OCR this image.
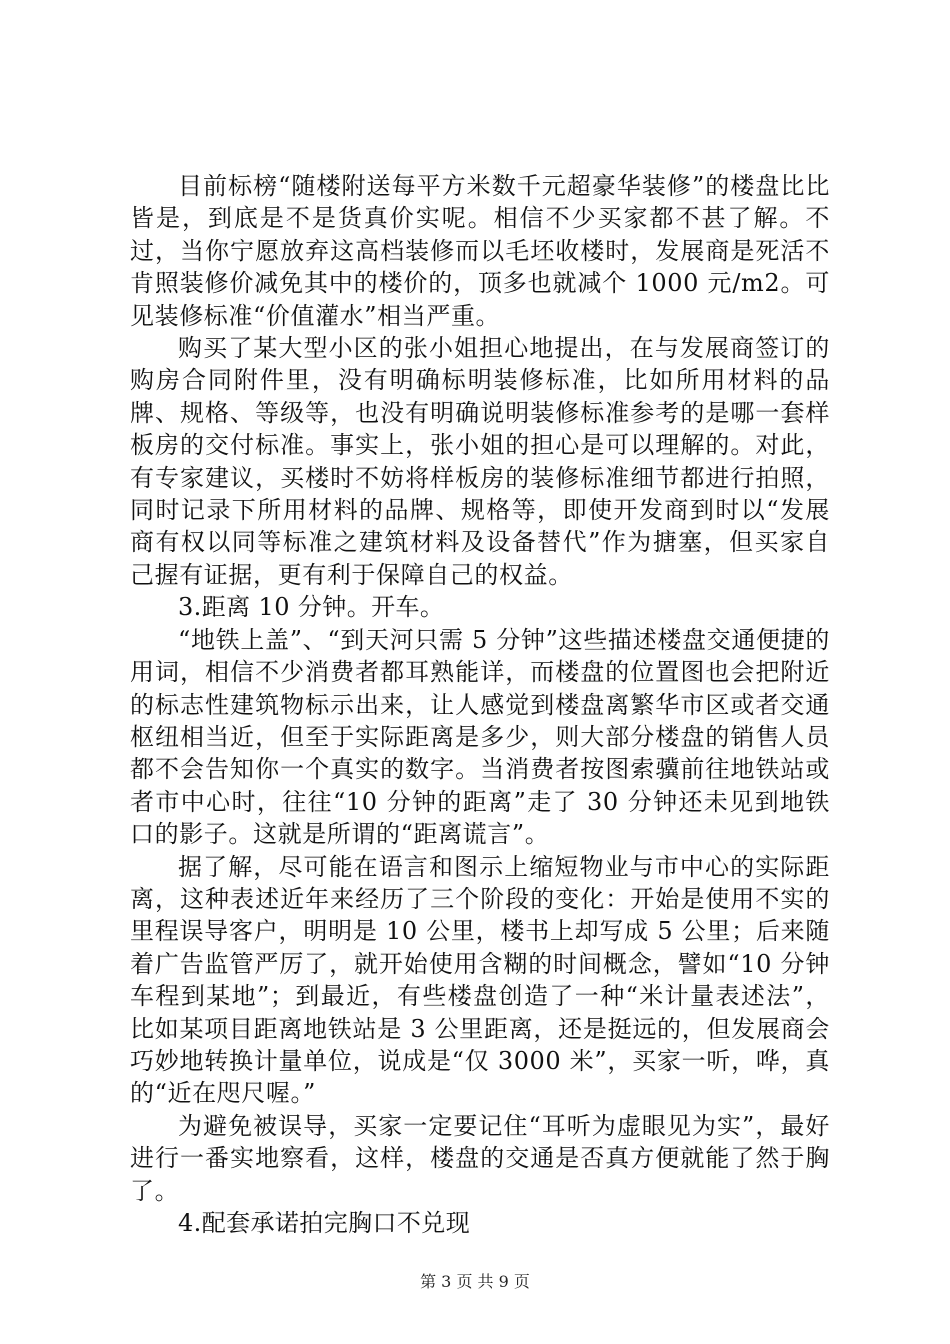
目前标榜“随楼附送每平方米数千元超豪华装修”的楼盘比比皆是，到底是不是货真价实呢。相信不少买家都不甚了解。不过，当你宁愿放弃这高档装修而以毛坯收楼时，发展商是死活不肯照装修价减免其中的楼价的，顶多也就减个 1000 元/m2。可见装修标准“价值灌水”相当严重。

购买了某大型小区的张小姐担心地提出，在与发展商签订的购房合同附件里，没有明确标明装修标准，比如所用材料的品牌、规格、等级等，也没有明确说明装修标准参考的是哪一套样板房的交付标准。事实上，张小姐的担心是可以理解的。对此，有专家建议，买楼时不妨将样板房的装修标准细节都进行拍照，同时记录下所用材料的品牌、规格等，即使开发商到时以“发展商有权以同等标准之建筑材料及设备替代”作为搪塞，但买家自己握有证据，更有利于保障自己的权益。

3.距离 10 分钟。开车。

“地铁上盖”、“到天河只需 5 分钟”这些描述楼盘交通便捷的用词，相信不少消费者都耳熟能详，而楼盘的位置图也会把附近的标志性建筑物标示出来，让人感觉到楼盘离繁华市区或者交通枢纽相当近，但至于实际距离是多少，则大部分楼盘的销售人员都不会告知你一个真实的数字。当消费者按图索骥前往地铁站或者市中心时，往往“10 分钟的距离”走了 30 分钟还未见到地铁口的影子。这就是所谓的“距离谎言”。

据了解，尽可能在语言和图示上缩短物业与市中心的实际距离，这种表述近年来经历了三个阶段的变化：开始是使用不实的里程误导客户，明明是 10 公里，楼书上却写成 5 公里；后来随着广告监管严厉了，就开始使用含糊的时间概念，譬如“10 分钟车程到某地”；到最近，有些楼盘创造了一种“米计量表述法”，比如某项目距离地铁站是 3 公里距离，还是挺远的，但发展商会巧妙地转换计量单位，说成是“仅 3000 米”，买家一听，哗，真的“近在咫尺喔。”

为避免被误导，买家一定要记住“耳听为虚眼见为实”，最好进行一番实地察看，这样，楼盘的交通是否真方便就能了然于胸了。

4.配套承诺拍完胸口不兑现

第 3 页 共 9 页
